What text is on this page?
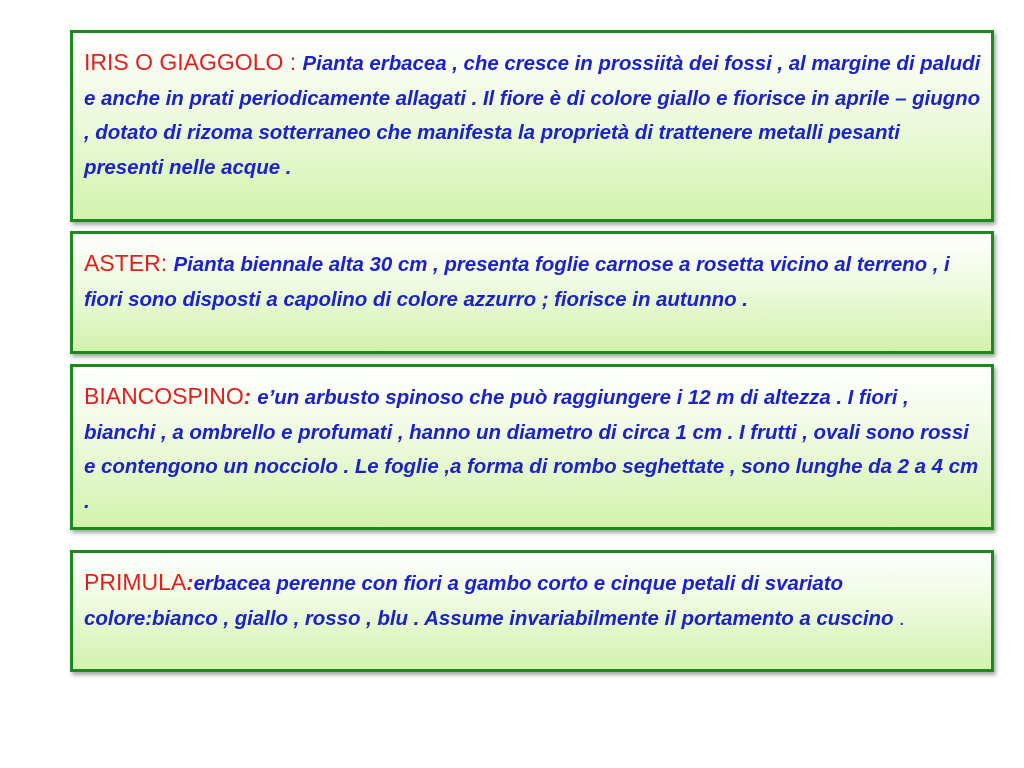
IRIS O GIAGGOLO : Pianta erbacea , che cresce in prossiità dei fossi , al margine di paludi e anche in prati periodicamente allagati . Il fiore è di colore giallo e fiorisce in aprile – giugno , dotato di rizoma sotterraneo che manifesta la proprietà di trattenere metalli pesanti presenti nelle acque .
ASTER: Pianta biennale alta 30 cm , presenta foglie carnose a rosetta vicino al terreno , i fiori sono disposti a capolino di colore azzurro ; fiorisce in autunno .
BIANCOSPINO: e’un arbusto spinoso che può raggiungere i 12 m di altezza . I fiori , bianchi , a ombrello e profumati , hanno un diametro di circa 1 cm . I frutti , ovali sono rossi e contengono un nocciolo . Le foglie ,a forma di rombo seghettate , sono lunghe da 2 a 4 cm .
PRIMULA:erbacea perenne con fiori a gambo corto e cinque petali di svariato colore:bianco , giallo , rosso , blu . Assume invariabilmente il portamento a cuscino .
